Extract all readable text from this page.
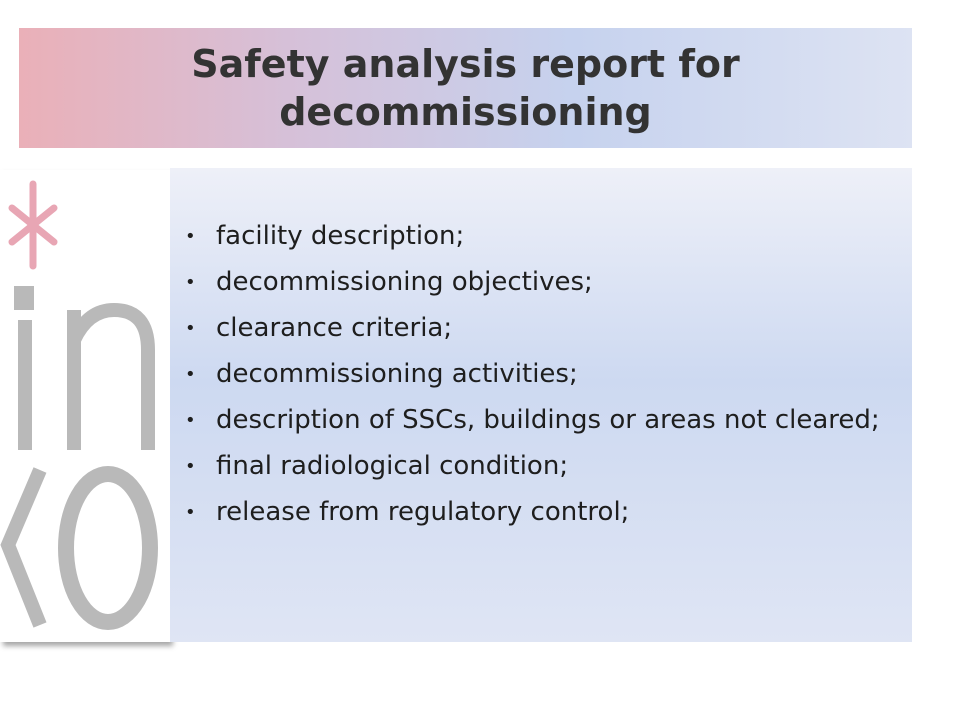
Safety analysis report for
decommissioning
• facility description;
• decommissioning objectives;
• clearance criteria;
• decommissioning activities;
• description of SSCs, buildings or areas not cleared;
• final radiological condition;
• release from regulatory control;
